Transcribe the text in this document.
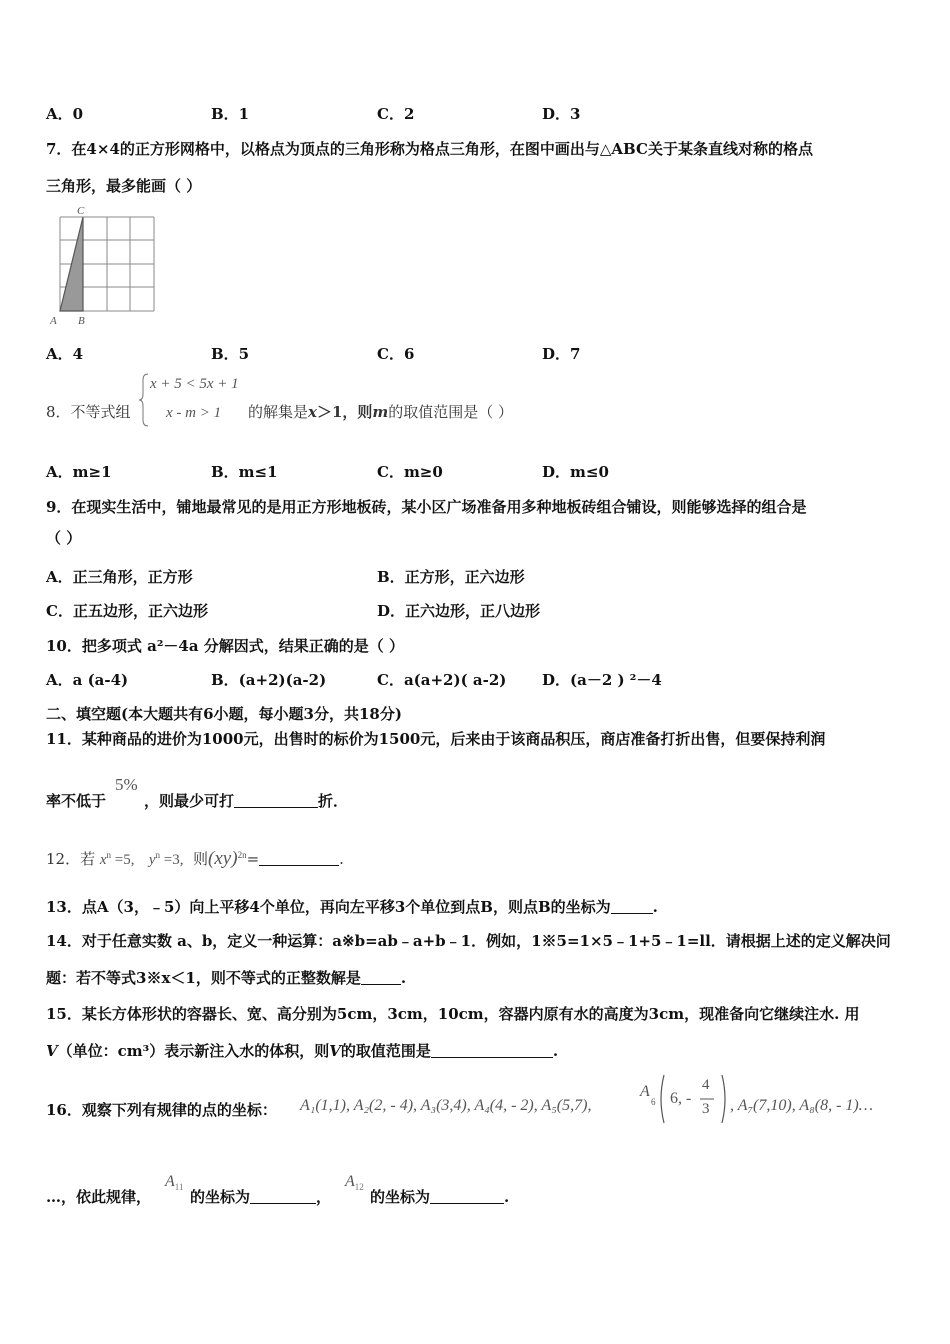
A．0	B．1	C．2	D．3
7．在4×4的正方形网格中，以格点为顶点的三角形称为格点三角形，在图中画出与△ABC关于某条直线对称的格点
三角形，最多能画（ ）
C
A B
A．4	B．5	C．6	D．7
8．不等式组
x + 5 < 5x + 1
x - m > 1 的解集是x＞1，则m的取值范围是（ ）
A．m≥1	B．m≤1	C．m≥0	D．m≤0
9．在现实生活中，铺地最常见的是用正方形地板砖，某小区广场准备用多种地板砖组合铺设，则能够选择的组合是
（ ）
A．正三角形，正方形	B．正方形，正六边形
C．正五边形，正六边形	D．正六边形，正八边形
10．把多项式 a²－4a 分解因式，结果正确的是（ ）
A．a (a-4)	B．(a+2)(a-2)	C．a(a+2)( a-2) D．(a－2 ) ²－4
二、填空题(本大题共有6小题，每小题3分，共18分)
11．某种商品的进价为1000元，出售时的标价为1500元，后来由于该商品积压，商店准备打折出售，但要保持利润
5%
率不低于	，则最少可打	折．
12．若 $x^n =5$, $y^n =3$, 则(xy)$^{2n}$=	.
13．点A（3，﹣5）向上平移4个单位，再向左平移3个单位到点B，则点B的坐标为	.
14．对于任意实数 a、b，定义一种运算：a※b=ab﹣a+b﹣1．例如，1※5=1×5﹣1+5﹣1=ll．请根据上述的定义解决问
题：若不等式3※x＜1，则不等式的正整数解是	.
15．某长方体形状的容器长、宽、高分别为5cm，3cm，10cm，容器内原有水的高度为3cm，现准备向它继续注水. 用
V（单位：cm³）表示新注入水的体积，则V的取值范围是	.
16．观察下列有规律的点的坐标： A₁(1,1), A₂(2, - 4), A₃(3,4), A₄(4, - 2), A₅(5,7),
A
6 6, -
4
3 , A₇(7,10), A₈(8, - 1)…
…，依此规律，
$A_{11}$
的坐标为	，
$A_{12}$
的坐标为	.
